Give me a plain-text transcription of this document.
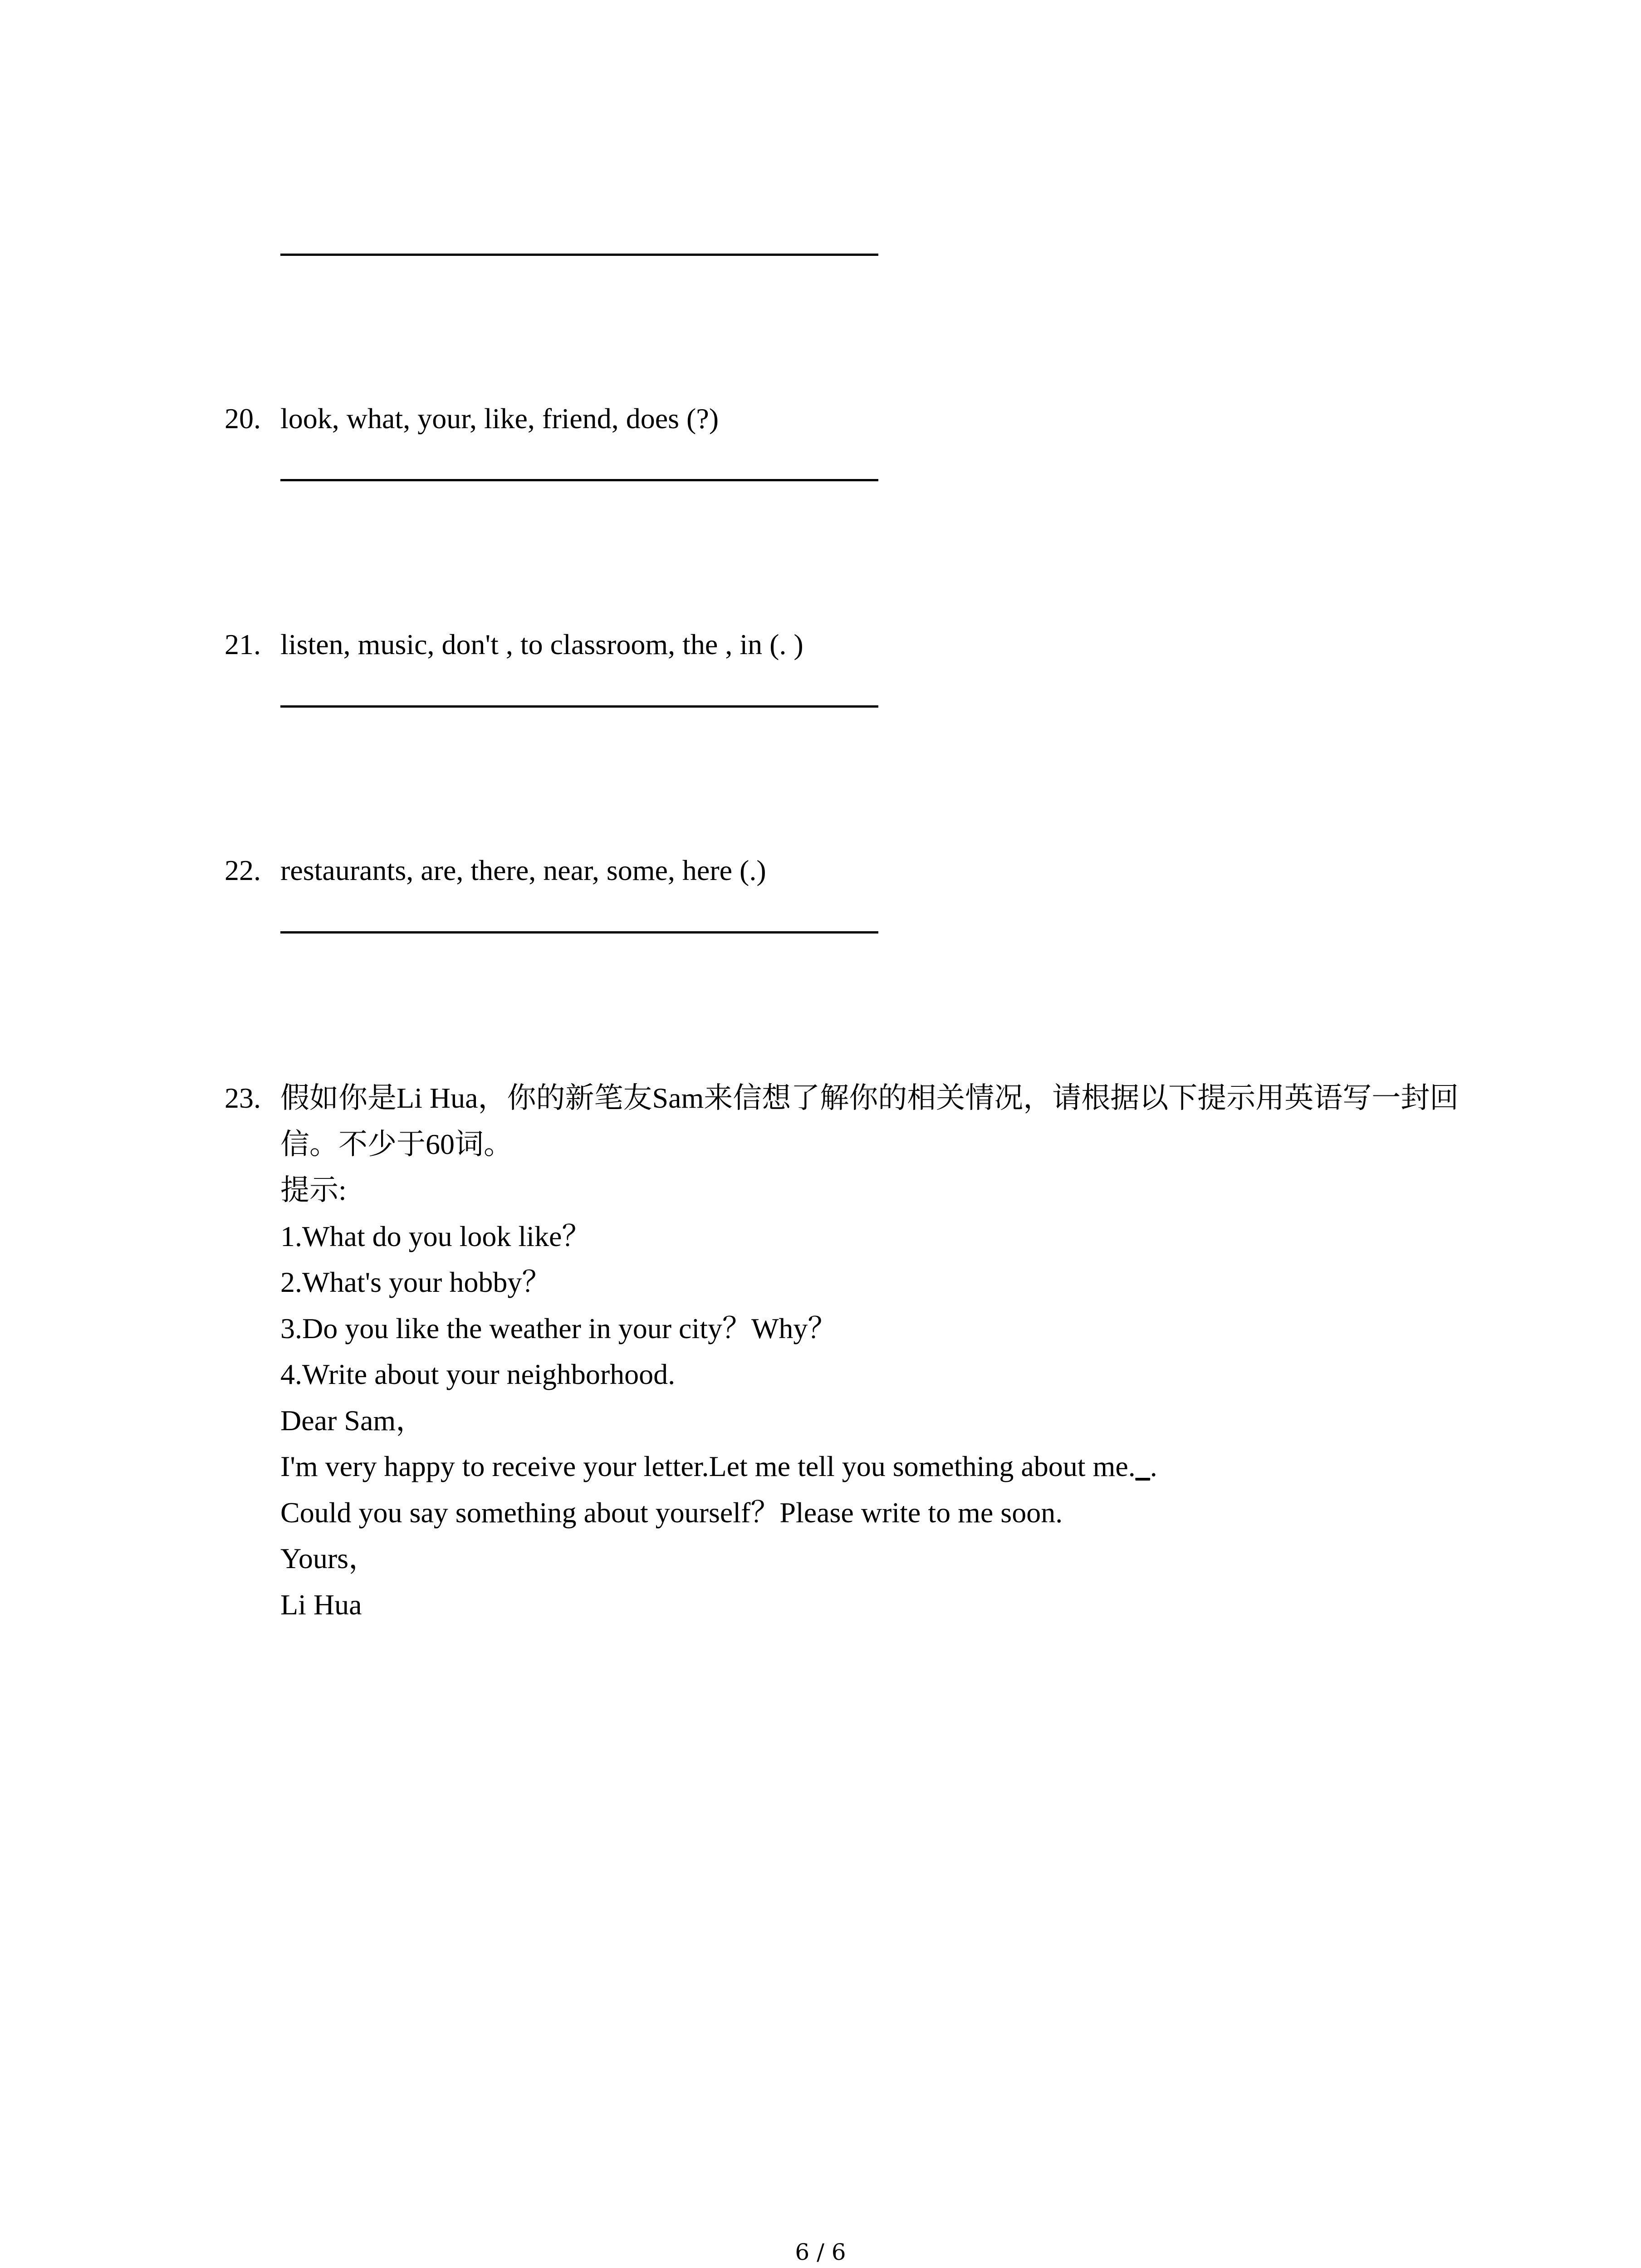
20. look, what, your, like, friend, does (?)
21. listen, music, don't , to classroom, the , in (. )
22. restaurants, are, there, near, some, here (.)
23. 假如你是Li Hua，你的新笔友Sam来信想了解你的相关情况，请根据以下提示用英语写一封回信。不少于60词。
提示:
1.What do you look like？
2.What's your hobby？
3.Do you like the weather in your city？Why？
4.Write about your neighborhood.
Dear Sam，
I'm very happy to receive your letter.Let me tell you something about me._.
Could you say something about yourself？Please write to me soon.
Yours，
Li Hua
6 / 6
